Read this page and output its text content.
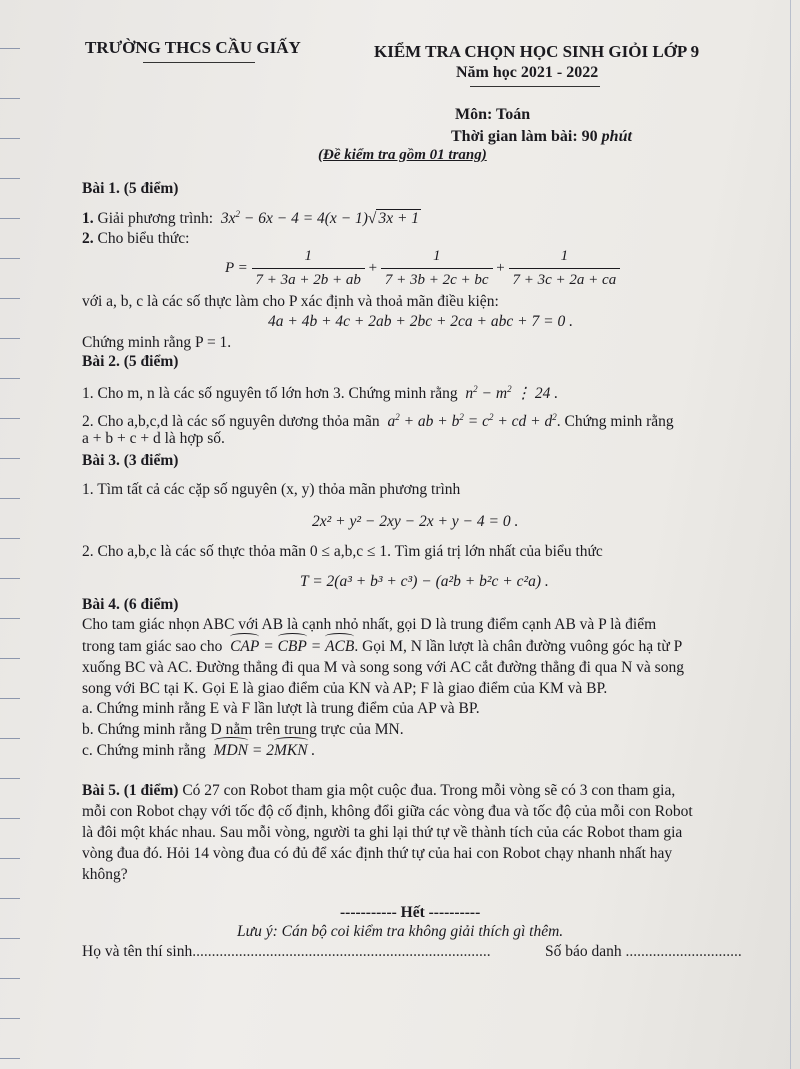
TRƯỜNG THCS CẦU GIẤY	KIỂM TRA CHỌN HỌC SINH GIỎI LỚP 9
Năm học 2021 - 2022
Môn: Toán
Thời gian làm bài: 90 phút
(Đề kiểm tra gồm 01 trang)
Bài 1. (5 điểm)
1. Giải phương trình:  $3x^2 - 6x - 4 = 4(x - 1)√$ 3x + 1
2. Cho biểu thức:
$P = \frac{1}{7 + 3a + 2b + ab} + \frac{1}{7 + 3b + 2c + bc} + \frac{1}{7 + 3c + 2a + ca}$
với a, b, c là các số thực làm cho P xác định và thoả mãn điều kiện:
4a + 4b + 4c + 2ab + 2bc + 2ca + abc + 7 = 0 .
Chứng minh rằng P = 1.
Bài 2. (5 điểm)
1. Cho m, n là các số nguyên tố lớn hơn 3. Chứng minh rằng  $n^2 - m^2$ ⋮ 24 .
2. Cho a,b,c,d là các số nguyên dương thỏa mãn  $a^2$ + ab + $b^2 = c^2$ + cd + $d^2$. Chứng minh rằng
a + b + c + d là hợp số.
Bài 3. (3 điểm)
1. Tìm tất cả các cặp số nguyên (x, y) thỏa mãn phương trình
2x² + y² − 2xy − 2x + y − 4 = 0 .
2. Cho a,b,c là các số thực thỏa mãn 0 ≤ a,b,c ≤ 1. Tìm giá trị lớn nhất của biểu thức
T = 2(a³ + b³ + c³) − (a²b + b²c + c²a) .
Bài 4. (6 điểm)
Cho tam giác nhọn ABC với AB là cạnh nhỏ nhất, gọi D là trung điểm cạnh AB và P là điểm
trong tam giác sao cho CAP = CBP = ACB. Gọi M, N lần lượt là chân đường vuông góc hạ từ P
xuống BC và AC. Đường thẳng đi qua M và song song với AC cắt đường thẳng đi qua N và song
song với BC tại K. Gọi E là giao điểm của KN và AP; F là giao điểm của KM và BP.
a. Chứng minh rằng E và F lần lượt là trung điểm của AP và BP.
b. Chứng minh rằng D nằm trên trung trực của MN.
c. Chứng minh rằng MDN = 2MKN .
Bài 5. (1 điểm) Có 27 con Robot tham gia một cuộc đua. Trong mỗi vòng sẽ có 3 con tham gia,
mỗi con Robot chạy với tốc độ cố định, không đổi giữa các vòng đua và tốc độ của mỗi con Robot
là đôi một khác nhau. Sau mỗi vòng, người ta ghi lại thứ tự về thành tích của các Robot tham gia
vòng đua đó. Hỏi 14 vòng đua có đủ để xác định thứ tự của hai con Robot chạy nhanh nhất hay
không?
----------- Hết ----------
Lưu ý: Cán bộ coi kiểm tra không giải thích gì thêm.
Họ và tên thí sinh.............................................................................	Số báo danh ..............................
